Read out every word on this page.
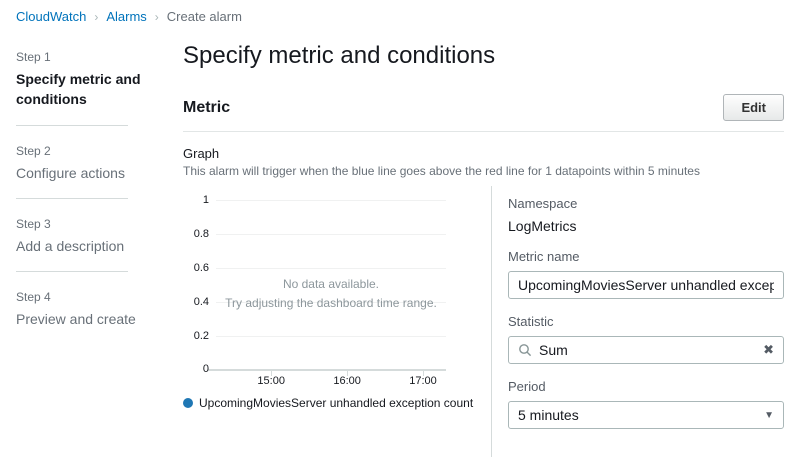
CloudWatch › Alarms › Create alarm
Step 1
Specify metric and conditions
Step 2
Configure actions
Step 3
Add a description
Step 4
Preview and create
Specify metric and conditions
Metric	Edit
Graph
This alarm will trigger when the blue line goes above the red line for 1 datapoints within 5 minutes
1
0.8
0.6
0.4
0.2
0
15:00	16:00	17:00
No data available.
Try adjusting the dashboard time range.
UpcomingMoviesServer unhandled exception count
Namespace
LogMetrics
Metric name
UpcomingMoviesServer unhandled exception count
Statistic
Sum	✖
Period
5 minutes	▼
